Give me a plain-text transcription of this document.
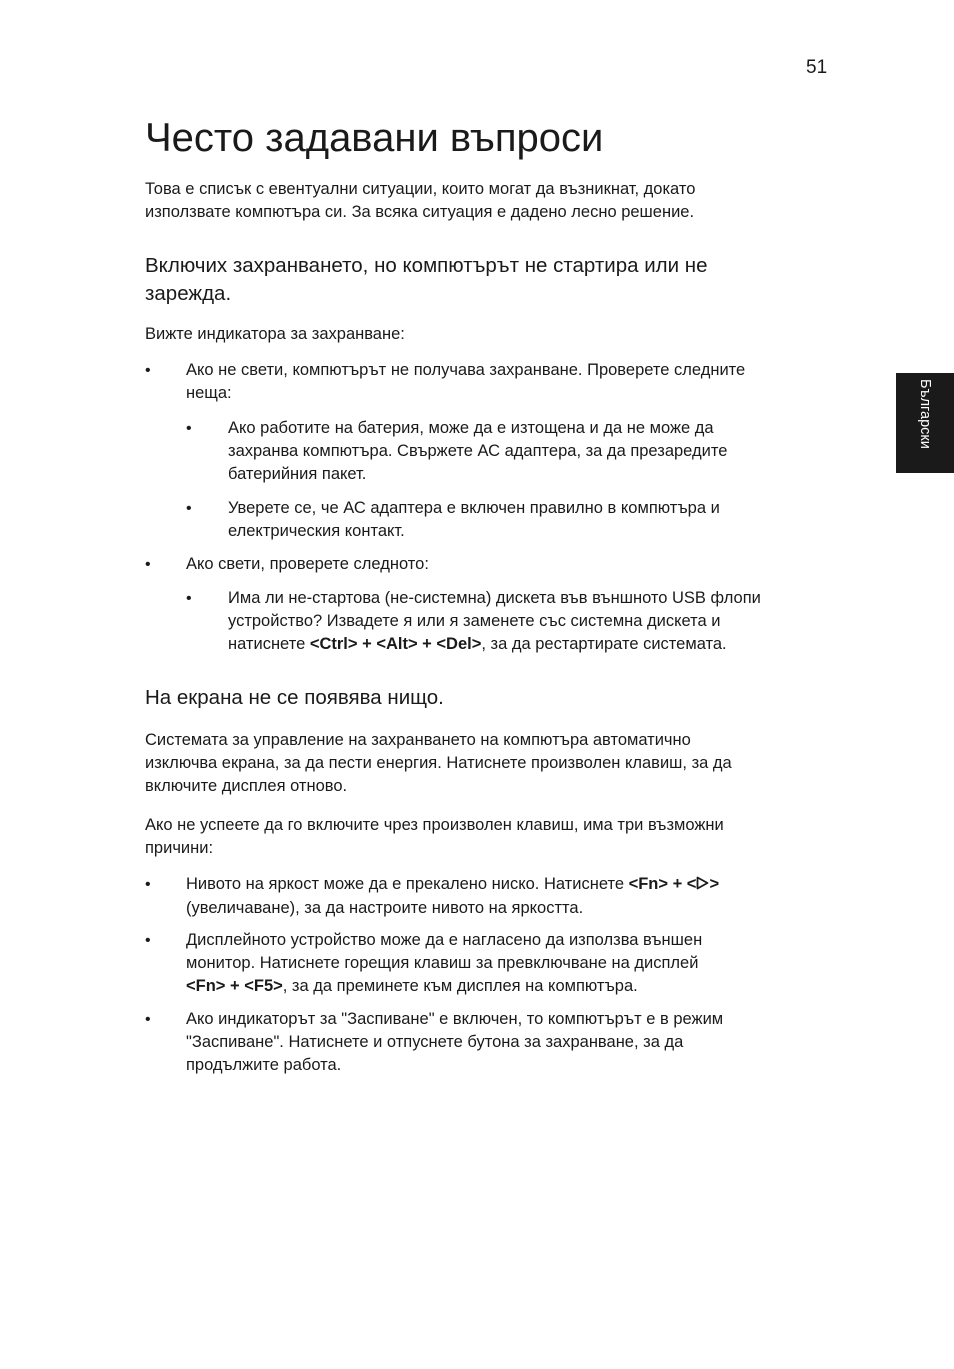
51
Български
Често задавани въпроси

Това е списък с евентуални ситуации, които могат да възникнат, докато

използвате компютъра си. За всяка ситуация е дадено лесно решение.

Включих захранването, но компютърът не стартира или не
зарежда.

Вижте индикатора за захранване:

• Ако не свети, компютърът не получава захранване. Проверете следните

неща:

• Ако работите на батерия, може да е изтощена и да не може да

захранва компютъра. Свържете АС адаптера, за да презаредите

батерийния пакет.

• Уверете се, че АС адаптера е включен правилно в компютъра и

електрическия контакт.

• Ако свети, проверете следното:

• Има ли не-стартова (не-системна) дискета във външното USB флопи

устройство? Извадете я или я заменете със системна дискета и

натиснете <Ctrl> + <Alt> + <Del>, за да рестартирате системата.

На екрана не се появява нищо.

Системата за управление на захранването на компютъра автоматично

изключва екрана, за да пести енергия. Натиснете произволен клавиш, за да

включите дисплея отново.

Ако не успеете да го включите чрез произволен клавиш, има три възможни

причини:

• Нивото на яркост може да е прекалено ниско. Натиснете <Fn> + < >

(увеличаване), за да настроите нивото на яркостта.

• Дисплейното устройство може да е нагласено да използва външен

монитор. Натиснете горещия клавиш за превключване на дисплей

<Fn> + <F5>, за да преминете към дисплея на компютъра.

• Ако индикаторът за "Заспиване" е включен, то компютърът е в режим

"Заспиване". Натиснете и отпуснете бутона за захранване, за да

продължите работа.
